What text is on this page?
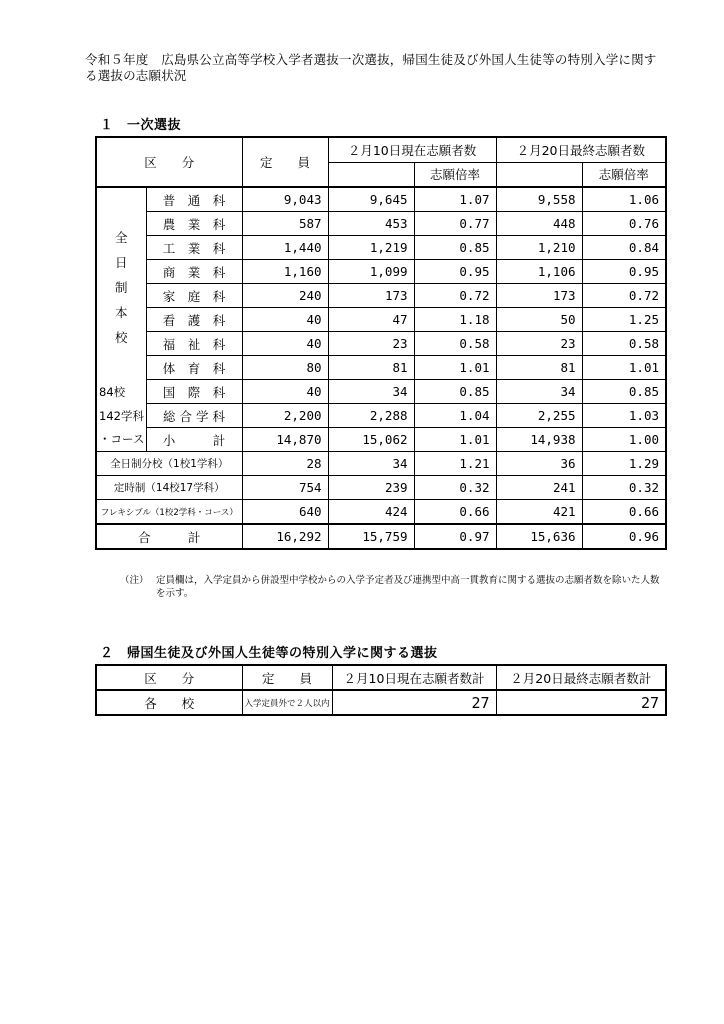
令和５年度　広島県公立高等学校入学者選抜一次選抜，帰国生徒及び外国人生徒等の特別入学に関する選抜の志願状況
１　一次選抜
区　　分		定　　員	２月10日現在志願者数		２月20日最終志願者数	
				志願倍率		志願倍率

全
日
制
本
校	普　通　科	9,043	9,645	1.07	9,558	1.06
	農　業　科	587	453	0.77	448	0.76
	工　業　科	1,440	1,219	0.85	1,210	0.84
	商　業　科	1,160	1,099	0.95	1,106	0.95
	家　庭　科	240	173	0.72	173	0.72
	看　護　科	40	47	1.18	50	1.25
	福　祉　科	40	23	0.58	23	0.58
	体　育　科	80	81	1.01	81	1.01
84校	国　際　科	40	34	0.85	34	0.85
142学科	総 合 学 科	2,200	2,288	1.04	2,255	1.03
・コース	小　　　計	14,870	15,062	1.01	14,938	1.00
全日制分校（1校1学科）		28	34	1.21	36	1.29
定時制（14校17学科）		754	239	0.32	241	0.32
フレキシブル（1校2学科・コース）		640	424	0.66	421	0.66
合　　　計		16,292	15,759	0.97	15,636	0.96
（注） 定員欄は，入学定員から併設型中学校からの入学予定者及び連携型中高一貫教育に関する選抜の志願者数を除いた人数を示す。
２　帰国生徒及び外国人生徒等の特別入学に関する選抜
区　　分	定　　員	２月10日現在志願者数計	２月20日最終志願者数計
各　　校	入学定員外で２人以内	27	27
